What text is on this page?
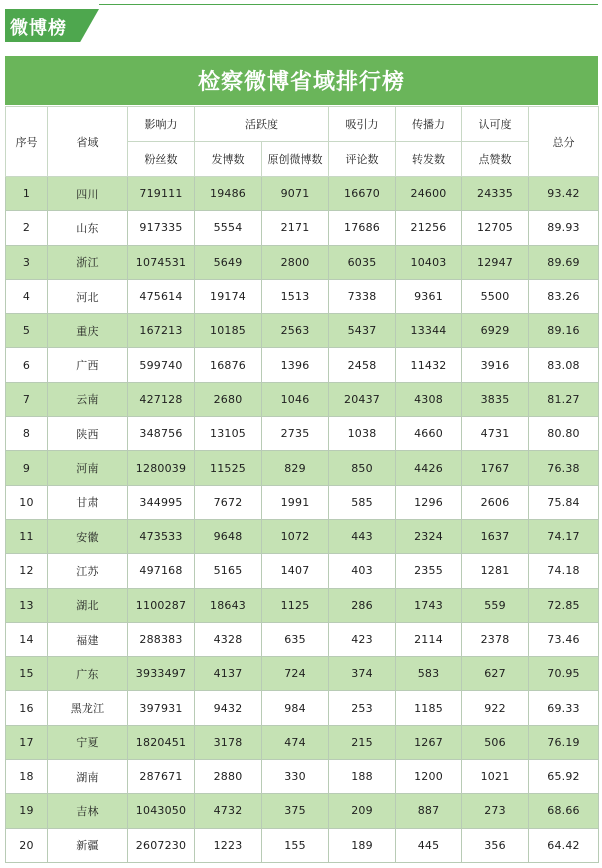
微博榜
检察微博省域排行榜
序号	省域	影响力	活跃度		吸引力	传播力	认可度	总分
		粉丝数	发博数	原创微博数	评论数	转发数	点赞数	
1	四川	719111	19486	9071	16670	24600	24335	93.42
2	山东	917335	5554	2171	17686	21256	12705	89.93
3	浙江	1074531	5649	2800	6035	10403	12947	89.69
4	河北	475614	19174	1513	7338	9361	5500	83.26
5	重庆	167213	10185	2563	5437	13344	6929	89.16
6	广西	599740	16876	1396	2458	11432	3916	83.08
7	云南	427128	2680	1046	20437	4308	3835	81.27
8	陕西	348756	13105	2735	1038	4660	4731	80.80
9	河南	1280039	11525	829	850	4426	1767	76.38
10	甘肃	344995	7672	1991	585	1296	2606	75.84
11	安徽	473533	9648	1072	443	2324	1637	74.17
12	江苏	497168	5165	1407	403	2355	1281	74.18
13	湖北	1100287	18643	1125	286	1743	559	72.85
14	福建	288383	4328	635	423	2114	2378	73.46
15	广东	3933497	4137	724	374	583	627	70.95
16	黑龙江	397931	9432	984	253	1185	922	69.33
17	宁夏	1820451	3178	474	215	1267	506	76.19
18	湖南	287671	2880	330	188	1200	1021	65.92
19	吉林	1043050	4732	375	209	887	273	68.66
20	新疆	2607230	1223	155	189	445	356	64.42
